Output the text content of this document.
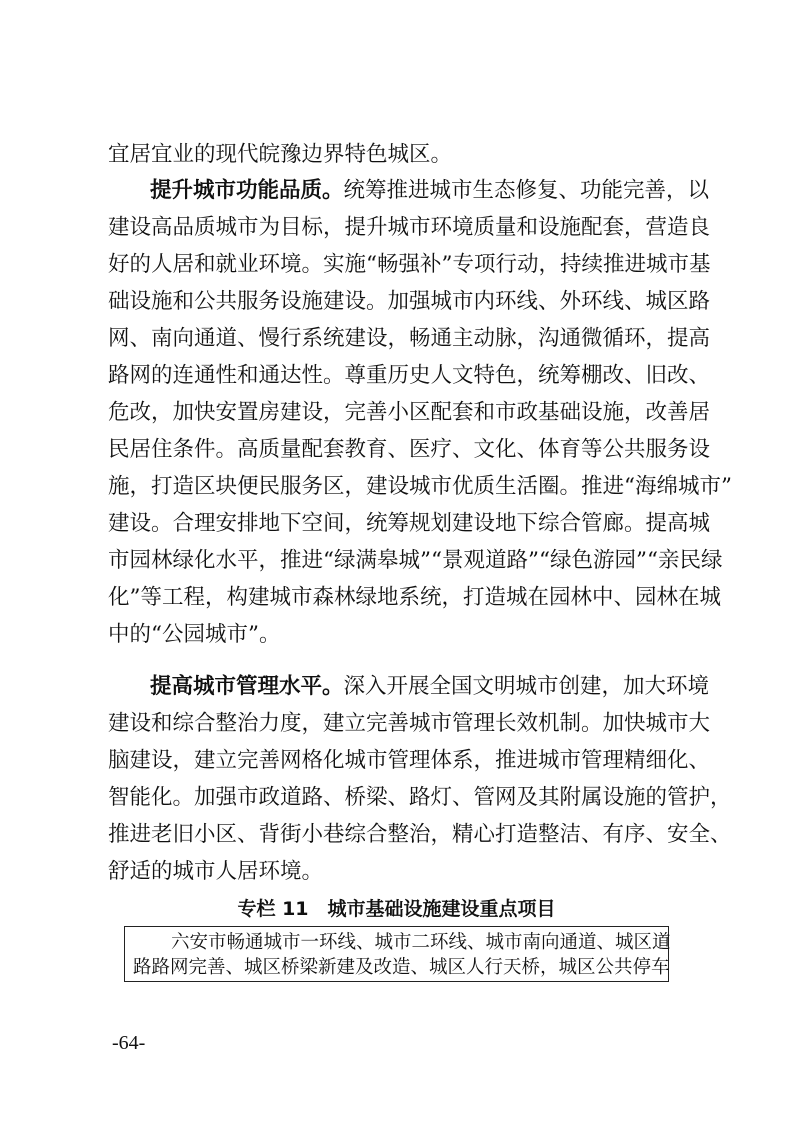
宜居宜业的现代皖豫边界特色城区。
提升城市功能品质。统筹推进城市生态修复、功能完善，以
建设高品质城市为目标，提升城市环境质量和设施配套，营造良
好的人居和就业环境。实施“畅强补”专项行动，持续推进城市基
础设施和公共服务设施建设。加强城市内环线、外环线、城区路
网、南向通道、慢行系统建设，畅通主动脉，沟通微循环，提高
路网的连通性和通达性。尊重历史人文特色，统筹棚改、旧改、
危改，加快安置房建设，完善小区配套和市政基础设施，改善居
民居住条件。高质量配套教育、医疗、文化、体育等公共服务设
施，打造区块便民服务区，建设城市优质生活圈。推进“海绵城市”
建设。合理安排地下空间，统筹规划建设地下综合管廊。提高城
市园林绿化水平，推进“绿满皋城”“景观道路”“绿色游园”“亲民绿
化”等工程，构建城市森林绿地系统，打造城在园林中、园林在城
中的“公园城市”。
提高城市管理水平。深入开展全国文明城市创建，加大环境
建设和综合整治力度，建立完善城市管理长效机制。加快城市大
脑建设，建立完善网格化城市管理体系，推进城市管理精细化、
智能化。加强市政道路、桥梁、路灯、管网及其附属设施的管护，
推进老旧小区、背街小巷综合整治，精心打造整洁、有序、安全、
舒适的城市人居环境。
专栏 11　城市基础设施建设重点项目
六安市畅通城市一环线、城市二环线、城市南向通道、城区道
路路网完善、城区桥梁新建及改造、城区人行天桥，城区公共停车
-64-
